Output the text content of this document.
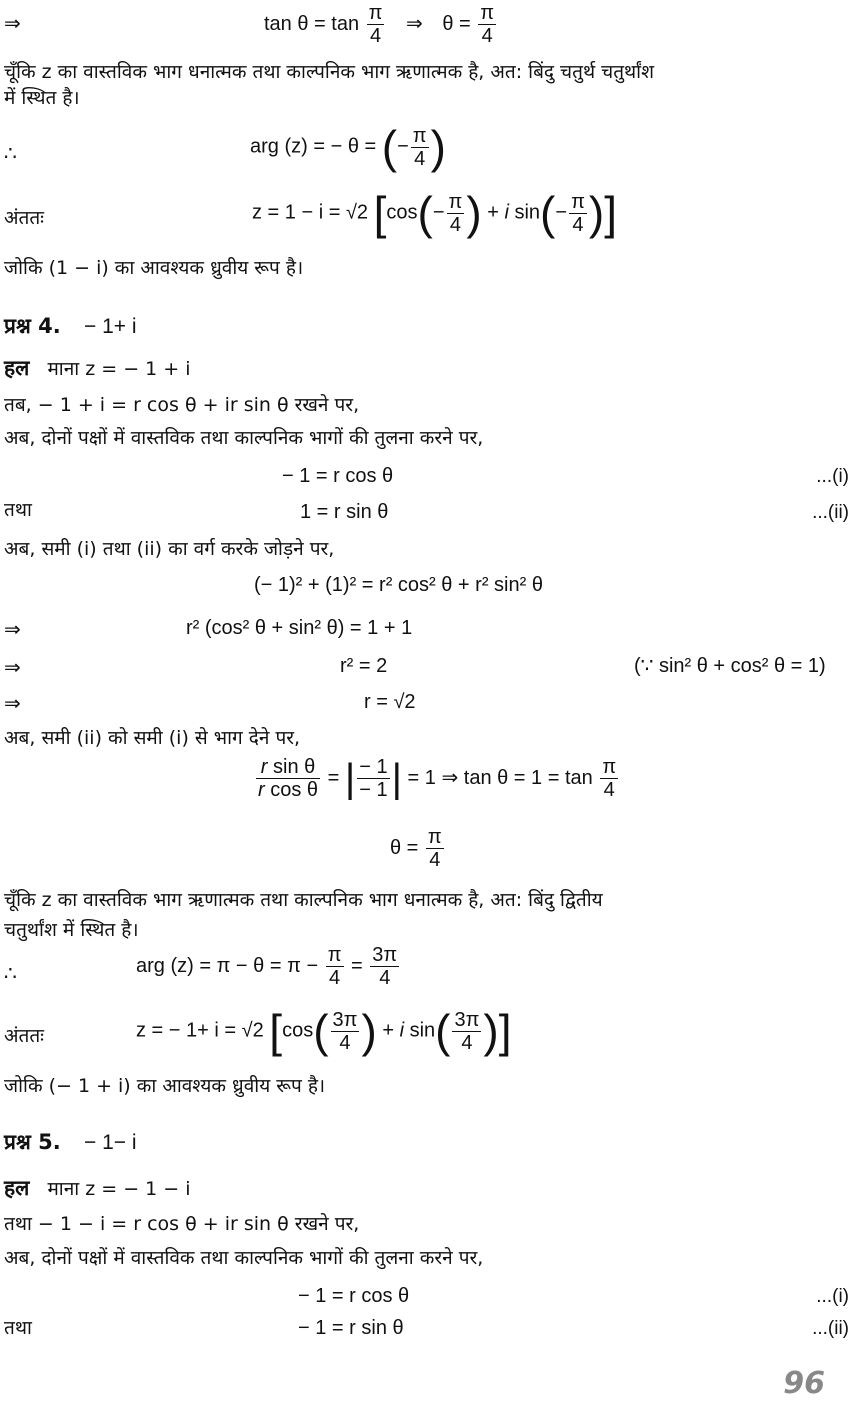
⇒	$\tan \theta = \tan \frac{\pi}{4}$ ⇒ $\theta = \frac{\pi}{4}$
चूँकि z का वास्तविक भाग धनात्मक तथा काल्पनिक भाग ऋणात्मक है, अत: बिंदु चतुर्थ चतुर्थांश
में स्थित है।
∴	arg (z) = − θ = (− $\frac{\pi}{4}$ )
अंततः	z = 1 − i = √2 [$\cos(- \frac{\pi}{4}$ ) + i $\sin(- \frac{\pi}{4}$ )]
जोकि (1 − i) का आवश्यक ध्रुवीय रूप है।
प्रश्न 4. − 1+ i
हल माना z = − 1 + i
तब, − 1 + i = r cos θ + ir sin θ रखने पर,
अब, दोनों पक्षों में वास्तविक तथा काल्पनिक भागों की तुलना करने पर,
− 1 = r cos θ	...(i)
तथा	1 = r sin θ	...(ii)
अब, समी (i) तथा (ii) का वर्ग करके जोड़ने पर,
(− 1)² + (1)² = r² cos² θ + r² sin² θ
⇒	r² (cos² θ + sin² θ) = 1 + 1
⇒	r² = 2	(∵ sin² θ + cos² θ = 1)
⇒	r = √2
अब, समी (ii) को समी (i) से भाग देने पर,
$\frac{\text{r sin θ}}{\text{r cos θ}}$ = | $\frac{- 1}{- 1}$ | = 1 ⇒ $\tan \theta = 1 = \tan \frac{\pi}{4}$
$\theta = \frac{\pi}{4}$
चूँकि z का वास्तविक भाग ऋणात्मक तथा काल्पनिक भाग धनात्मक है, अत: बिंदु द्वितीय
चतुर्थांश में स्थित है।
∴	arg $(z) = \pi - \theta = \pi - \frac{\pi}{4} = \frac{3\pi}{4}$
अंततः	z = − 1+ i = √2 [$\cos( \frac{3\pi}{4}$ ) + i $\sin( \frac{3\pi}{4}$ )]
जोकि (− 1 + i) का आवश्यक ध्रुवीय रूप है।
प्रश्न 5. − 1− i
हल माना z = − 1 − i
तथा − 1 − i = r cos θ + ir sin θ रखने पर,
अब, दोनों पक्षों में वास्तविक तथा काल्पनिक भागों की तुलना करने पर,
− 1 = r cos θ	...(i)
तथा	− 1 = r sin θ	...(ii)
96
